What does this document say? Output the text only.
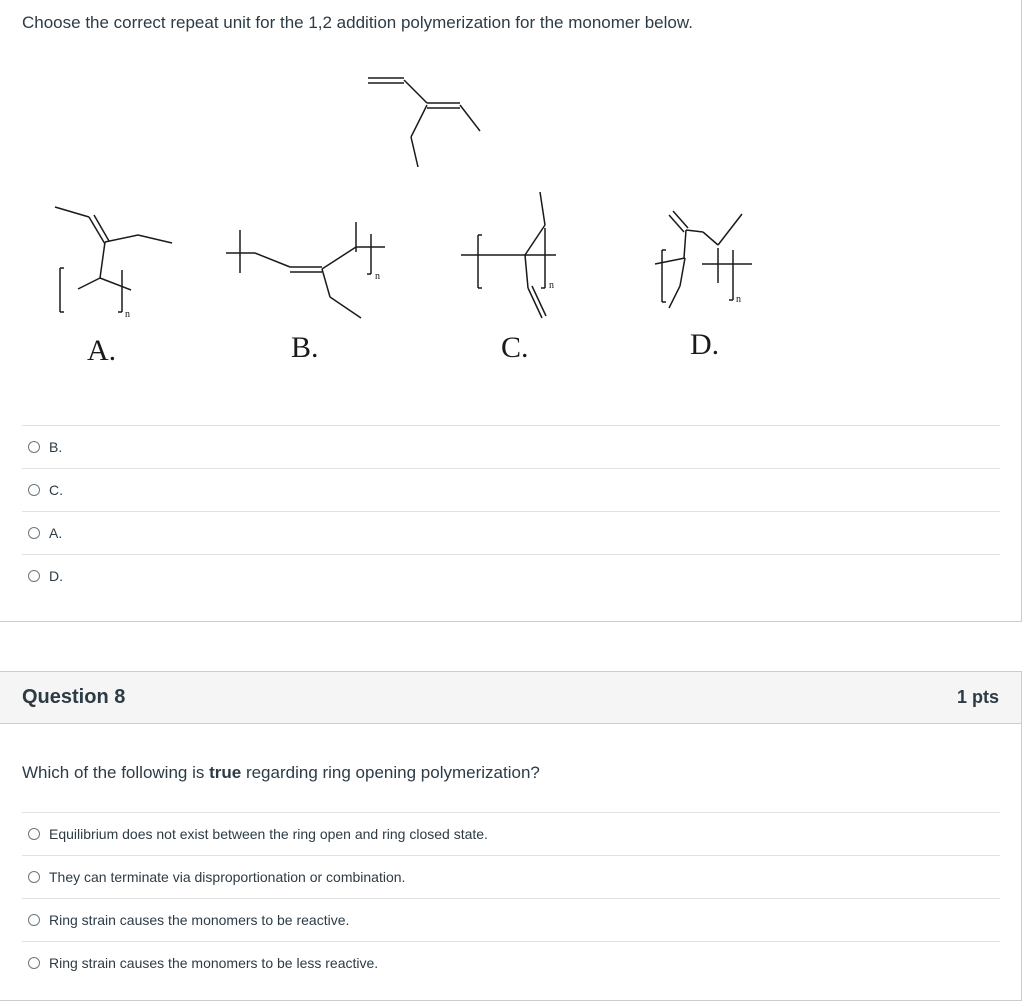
Choose the correct repeat unit for the 1,2 addition polymerization for the monomer below.
n
n
n
n
A.	B.	C.	D.
B.
C.
A.
D.
Question 8	1 pts
Which of the following is true regarding ring opening polymerization?
Equilibrium does not exist between the ring open and ring closed state.
They can terminate via disproportionation or combination.
Ring strain causes the monomers to be reactive.
Ring strain causes the monomers to be less reactive.
